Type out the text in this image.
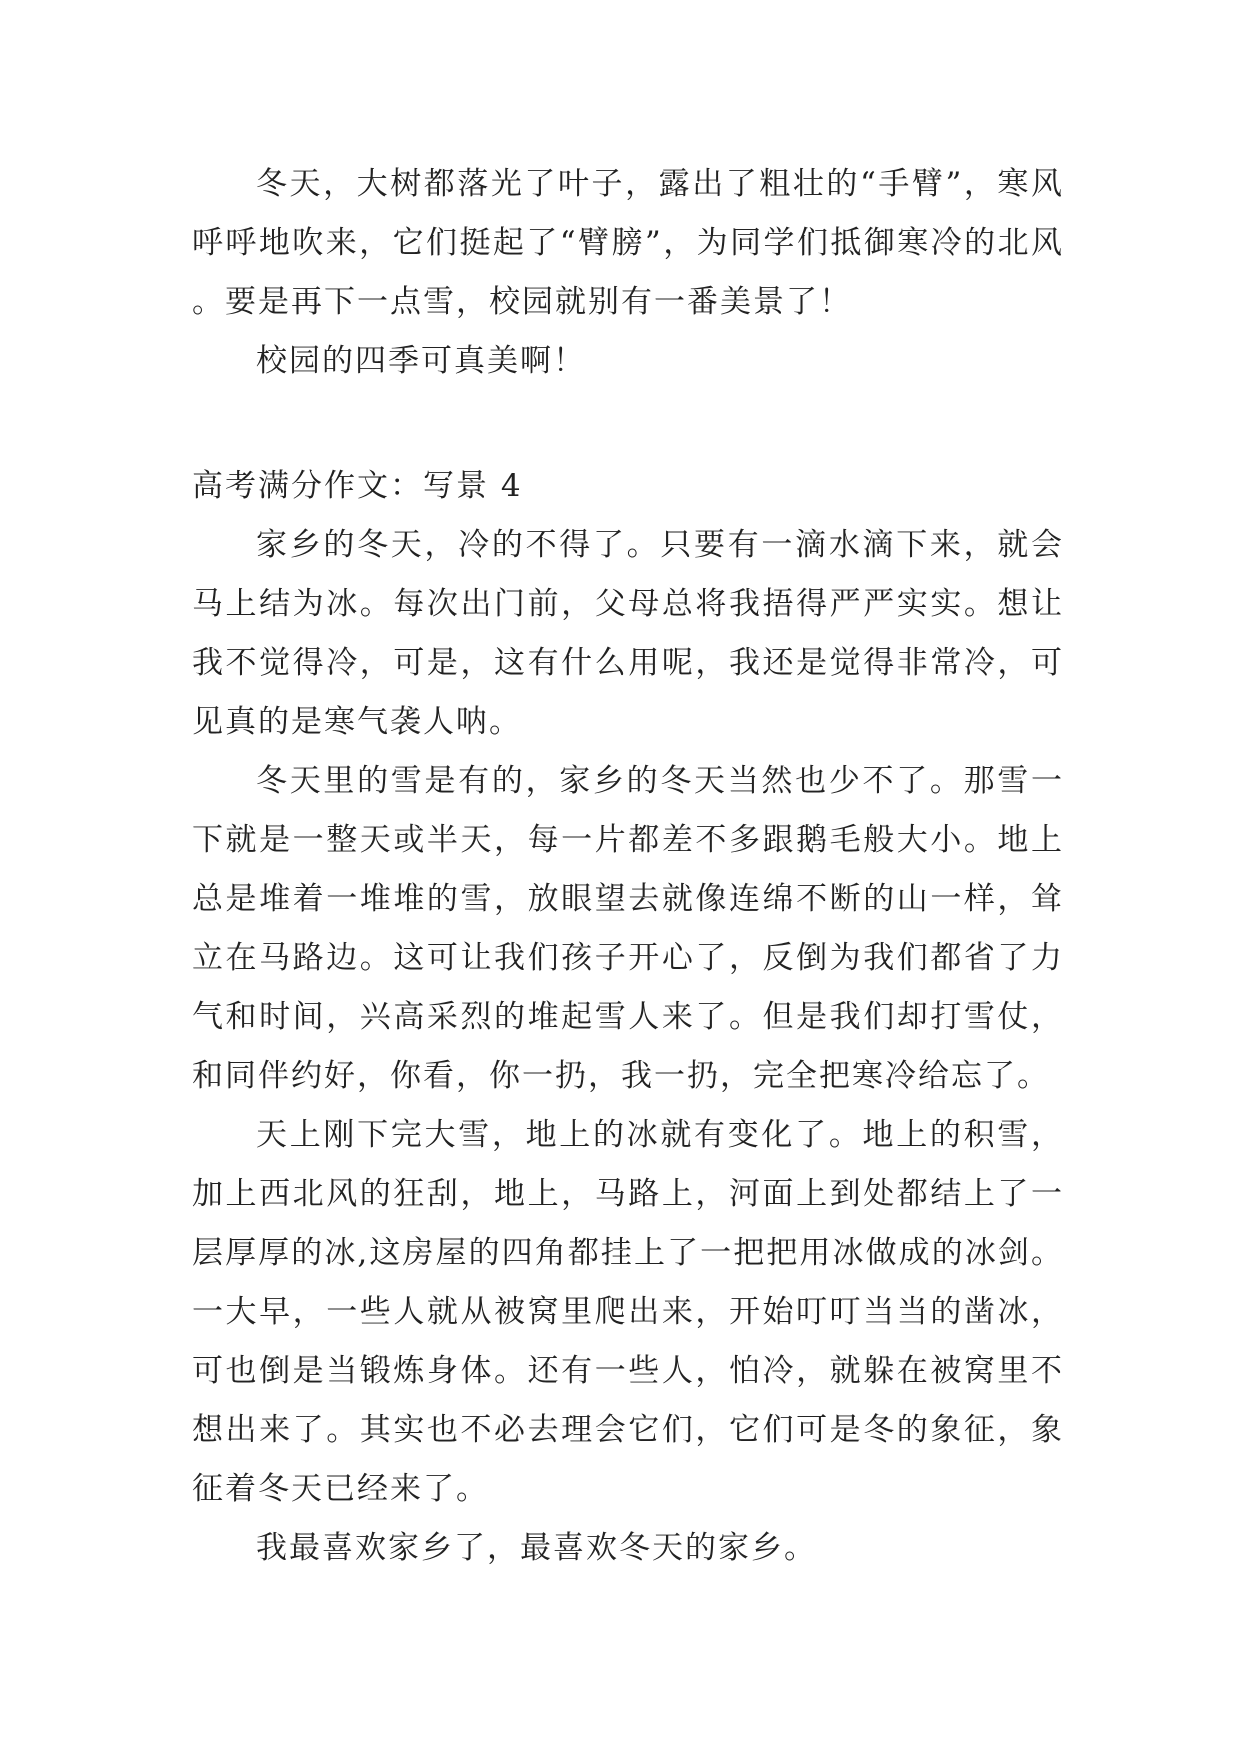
冬天，大树都落光了叶子，露出了粗壮的“手臂”，寒风呼呼地吹来，它们挺起了“臂膀”，为同学们抵御寒冷的北风。要是再下一点雪，校园就别有一番美景了！

校园的四季可真美啊！

高考满分作文：写景 4

家乡的冬天，冷的不得了。只要有一滴水滴下来，就会马上结为冰。每次出门前，父母总将我捂得严严实实。想让我不觉得冷，可是，这有什么用呢，我还是觉得非常冷，可见真的是寒气袭人呐。

冬天里的雪是有的，家乡的冬天当然也少不了。那雪一下就是一整天或半天，每一片都差不多跟鹅毛般大小。地上总是堆着一堆堆的雪，放眼望去就像连绵不断的山一样，耸立在马路边。这可让我们孩子开心了，反倒为我们都省了力气和时间，兴高采烈的堆起雪人来了。但是我们却打雪仗，和同伴约好，你看，你一扔，我一扔，完全把寒冷给忘了。

天上刚下完大雪，地上的冰就有变化了。地上的积雪，加上西北风的狂刮，地上，马路上，河面上到处都结上了一层厚厚的冰,这房屋的四角都挂上了一把把用冰做成的冰剑。一大早，一些人就从被窝里爬出来，开始叮叮当当的凿冰，可也倒是当锻炼身体。还有一些人，怕冷，就躲在被窝里不想出来了。其实也不必去理会它们，它们可是冬的象征，象征着冬天已经来了。

我最喜欢家乡了，最喜欢冬天的家乡。
